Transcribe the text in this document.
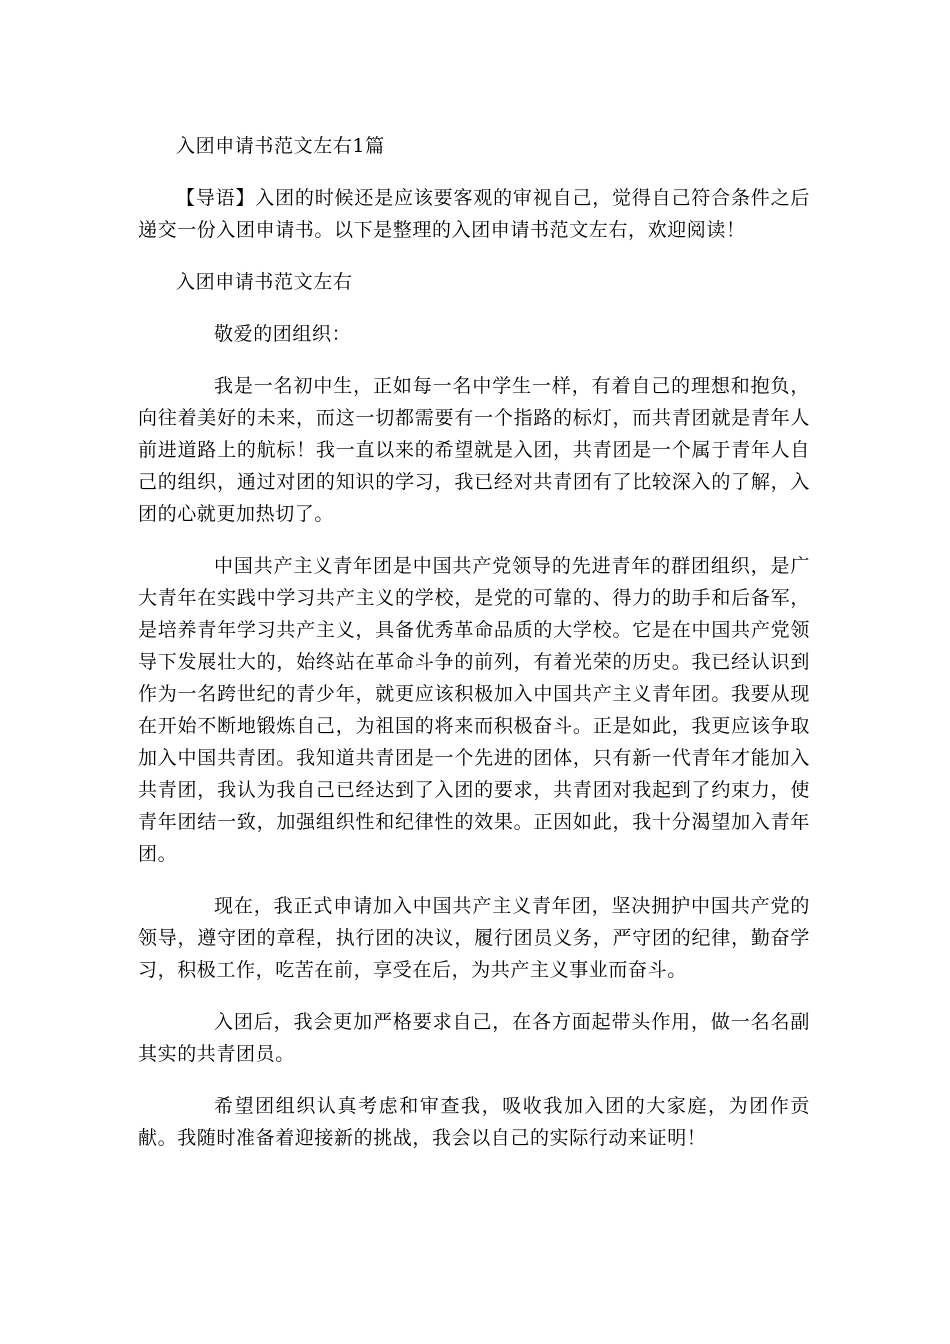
入团申请书范文左右1篇

【导语】入团的时候还是应该要客观的审视自己，觉得自己符合条件之后递交一份入团申请书。以下是整理的入团申请书范文左右，欢迎阅读！

入团申请书范文左右

敬爱的团组织：

我是一名初中生，正如每一名中学生一样，有着自己的理想和抱负，向往着美好的未来，而这一切都需要有一个指路的标灯，而共青团就是青年人前进道路上的航标！我一直以来的希望就是入团，共青团是一个属于青年人自己的组织，通过对团的知识的学习，我已经对共青团有了比较深入的了解，入团的心就更加热切了。

中国共产主义青年团是中国共产党领导的先进青年的群团组织，是广大青年在实践中学习共产主义的学校，是党的可靠的、得力的助手和后备军，是培养青年学习共产主义，具备优秀革命品质的大学校。它是在中国共产党领导下发展壮大的，始终站在革命斗争的前列，有着光荣的历史。我已经认识到作为一名跨世纪的青少年，就更应该积极加入中国共产主义青年团。我要从现在开始不断地锻炼自己，为祖国的将来而积极奋斗。正是如此，我更应该争取加入中国共青团。我知道共青团是一个先进的团体，只有新一代青年才能加入共青团，我认为我自己已经达到了入团的要求，共青团对我起到了约束力，使青年团结一致，加强组织性和纪律性的效果。正因如此，我十分渴望加入青年团。

现在，我正式申请加入中国共产主义青年团，坚决拥护中国共产党的领导，遵守团的章程，执行团的决议，履行团员义务，严守团的纪律，勤奋学习，积极工作，吃苦在前，享受在后，为共产主义事业而奋斗。

入团后，我会更加严格要求自己，在各方面起带头作用，做一名名副其实的共青团员。

希望团组织认真考虑和审查我，吸收我加入团的大家庭，为团作贡献。我随时准备着迎接新的挑战，我会以自己的实际行动来证明！
